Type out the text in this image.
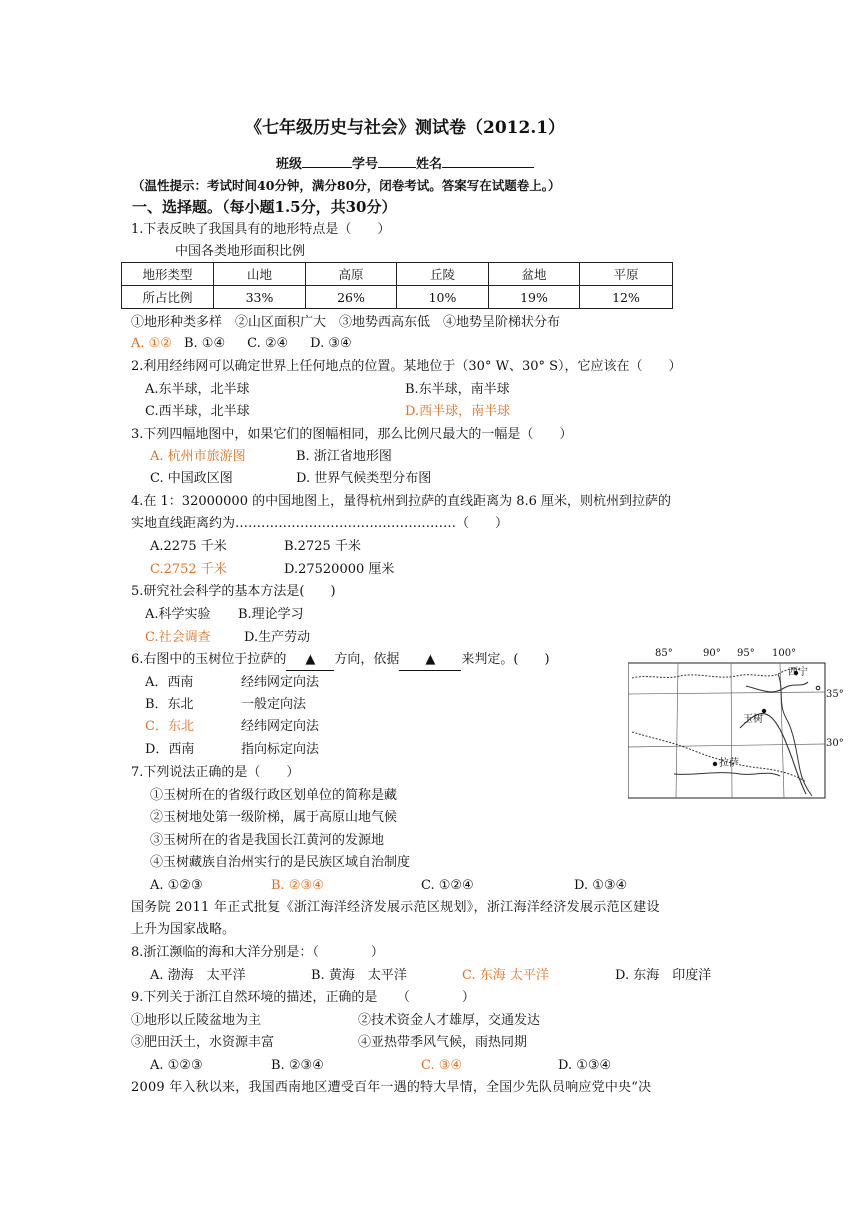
《七年级历史与社会》测试卷（2012.1）
班级	学号	姓名
（温性提示：考试时间40分钟，满分80分，闭卷考试。答案写在试题卷上。）
一、选择题。（每小题1.5分，共30分）
1.下表反映了我国具有的地形特点是（　　）
中国各类地形面积比例
地形类型	山地	高原	丘陵	盆地	平原
所占比例	33%	26%	10%	19%	12%
①地形种类多样　②山区面积广大　③地势西高东低　④地势呈阶梯状分布
A. ①② B. ①④ C. ②④ D. ③④
2.利用经纬网可以确定世界上任何地点的位置。某地位于（30° W、30° S），它应该在（　　）
A.东半球，北半球	B.东半球，南半球
C.西半球，北半球	D.西半球，南半球
3.下列四幅地图中，如果它们的图幅相同，那么比例尺最大的一幅是（　　）
A. 杭州市旅游图	B. 浙江省地形图
C. 中国政区图	D. 世界气候类型分布图
4.在 1：32000000 的中国地图上，量得杭州到拉萨的直线距离为 8.6 厘米，则杭州到拉萨的
实地直线距离约为……………………………………………（　　）
A.2275 千米	B.2725 千米
C.2752 千米	D.27520000 厘米
5.研究社会科学的基本方法是(　　)
A.科学实验 B.理论学习
C.社会调查	D.生产劳动
6.右图中的玉树位于拉萨的 ▲ 方向，依据 ▲ 来判定。(　　)
A．西南	经纬网定向法
B．东北	一般定向法
C．东北	经纬网定向法
D．西南	指向标定向法
85°	90° 95° 100°
35°
30°
西宁
玉树
拉萨
7.下列说法正确的是（　　）
①玉树所在的省级行政区划单位的简称是藏
②玉树地处第一级阶梯，属于高原山地气候
③玉树所在的省是我国长江黄河的发源地
④玉树藏族自治州实行的是民族区域自治制度
A. ①②③	B. ②③④	C. ①②④	D. ①③④
国务院 2011 年正式批复《浙江海洋经济发展示范区规划》，浙江海洋经济发展示范区建设
上升为国家战略。
8.浙江濒临的海和大洋分别是：（　　　　）
A. 渤海　太平洋	B. 黄海　太平洋	C. 东海 太平洋	D. 东海　印度洋
9.下列关于浙江自然环境的描述，正确的是　　（　　　　）
①地形以丘陵盆地为主	②技术资金人才雄厚，交通发达
③肥田沃土，水资源丰富	④亚热带季风气候，雨热同期
A. ①②③	B. ②③④	C. ③④	D. ①③④
2009 年入秋以来，我国西南地区遭受百年一遇的特大旱情，全国少先队员响应党中央“决
